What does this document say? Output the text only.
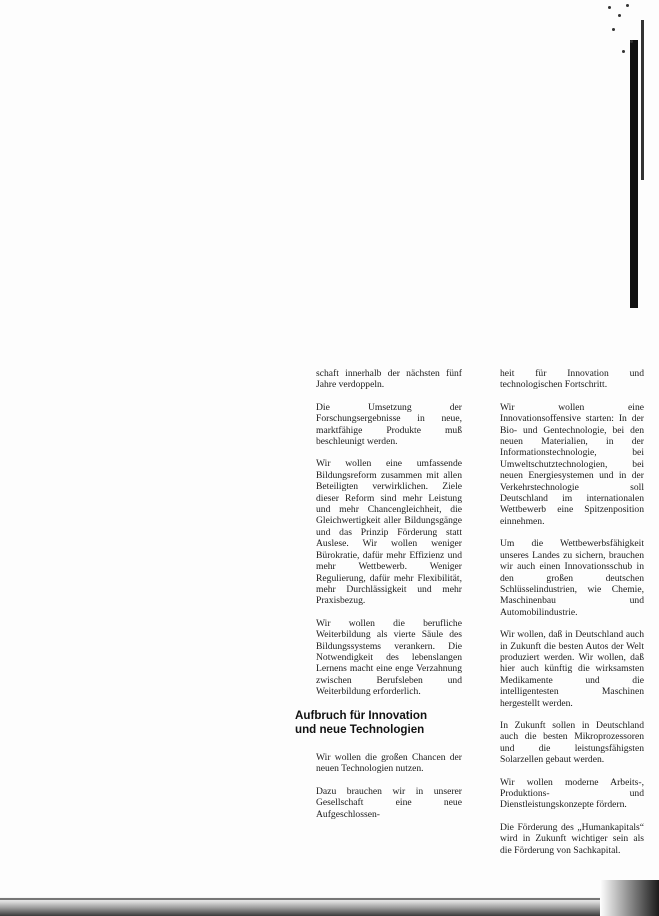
schaft innerhalb der nächsten fünf Jahre verdoppeln.

Die Umsetzung der Forschungsergebnisse in neue, marktfähige Produkte muß beschleunigt werden.

Wir wollen eine umfassende Bildungsreform zusammen mit allen Beteiligten verwirklichen. Ziele dieser Reform sind mehr Leistung und mehr Chancengleichheit, die Gleichwertigkeit aller Bildungsgänge und das Prinzip Förderung statt Auslese. Wir wollen weniger Bürokratie, dafür mehr Effizienz und mehr Wettbewerb. Weniger Regulierung, dafür mehr Flexibilität, mehr Durchlässigkeit und mehr Praxisbezug.

Wir wollen die berufliche Weiterbildung als vierte Säule des Bildungssystems verankern. Die Notwendigkeit des lebenslangen Lernens macht eine enge Verzahnung zwischen Berufsleben und Weiterbildung erforderlich.

Aufbruch für Innovation
und neue Technologien

Wir wollen die großen Chancen der neuen Technologien nutzen.

Dazu brauchen wir in unserer Gesellschaft eine neue Aufgeschlossen-

heit für Innovation und technologischen Fortschritt.

Wir wollen eine Innovationsoffensive starten: In der Bio- und Gentechnologie, bei den neuen Materialien, in der Informationstechnologie, bei Umweltschutztechnologien, bei neuen Energiesystemen und in der Verkehrstechnologie soll Deutschland im internationalen Wettbewerb eine Spitzenposition einnehmen.

Um die Wettbewerbsfähigkeit unseres Landes zu sichern, brauchen wir auch einen Innovationsschub in den großen deutschen Schlüsselindustrien, wie Chemie, Maschinenbau und Automobilindustrie.

Wir wollen, daß in Deutschland auch in Zukunft die besten Autos der Welt produziert werden. Wir wollen, daß hier auch künftig die wirksamsten Medikamente und die intelligentesten Maschinen hergestellt werden.

In Zukunft sollen in Deutschland auch die besten Mikroprozessoren und die leistungsfähigsten Solarzellen gebaut werden.

Wir wollen moderne Arbeits-, Produktions- und Dienstleistungskonzepte fördern.

Die Förderung des „Humankapitals“ wird in Zukunft wichtiger sein als die Förderung von Sachkapital.
